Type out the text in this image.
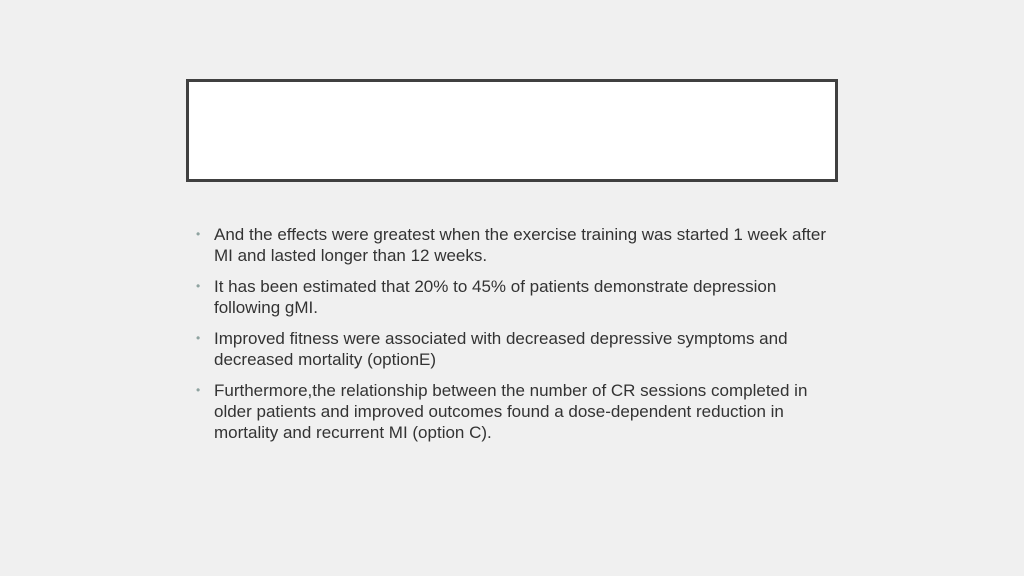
• And the effects were greatest when the exercise training was started 1 week after MI and lasted longer than 12 weeks.
• It has been estimated that 20% to 45% of patients demonstrate depression following gMI.
• Improved fitness were associated with decreased depressive symptoms and decreased mortality (optionE)
• Furthermore,the relationship between the number of CR sessions completed in older patients and improved outcomes found a dose-dependent reduction in mortality and recurrent MI (option C).
